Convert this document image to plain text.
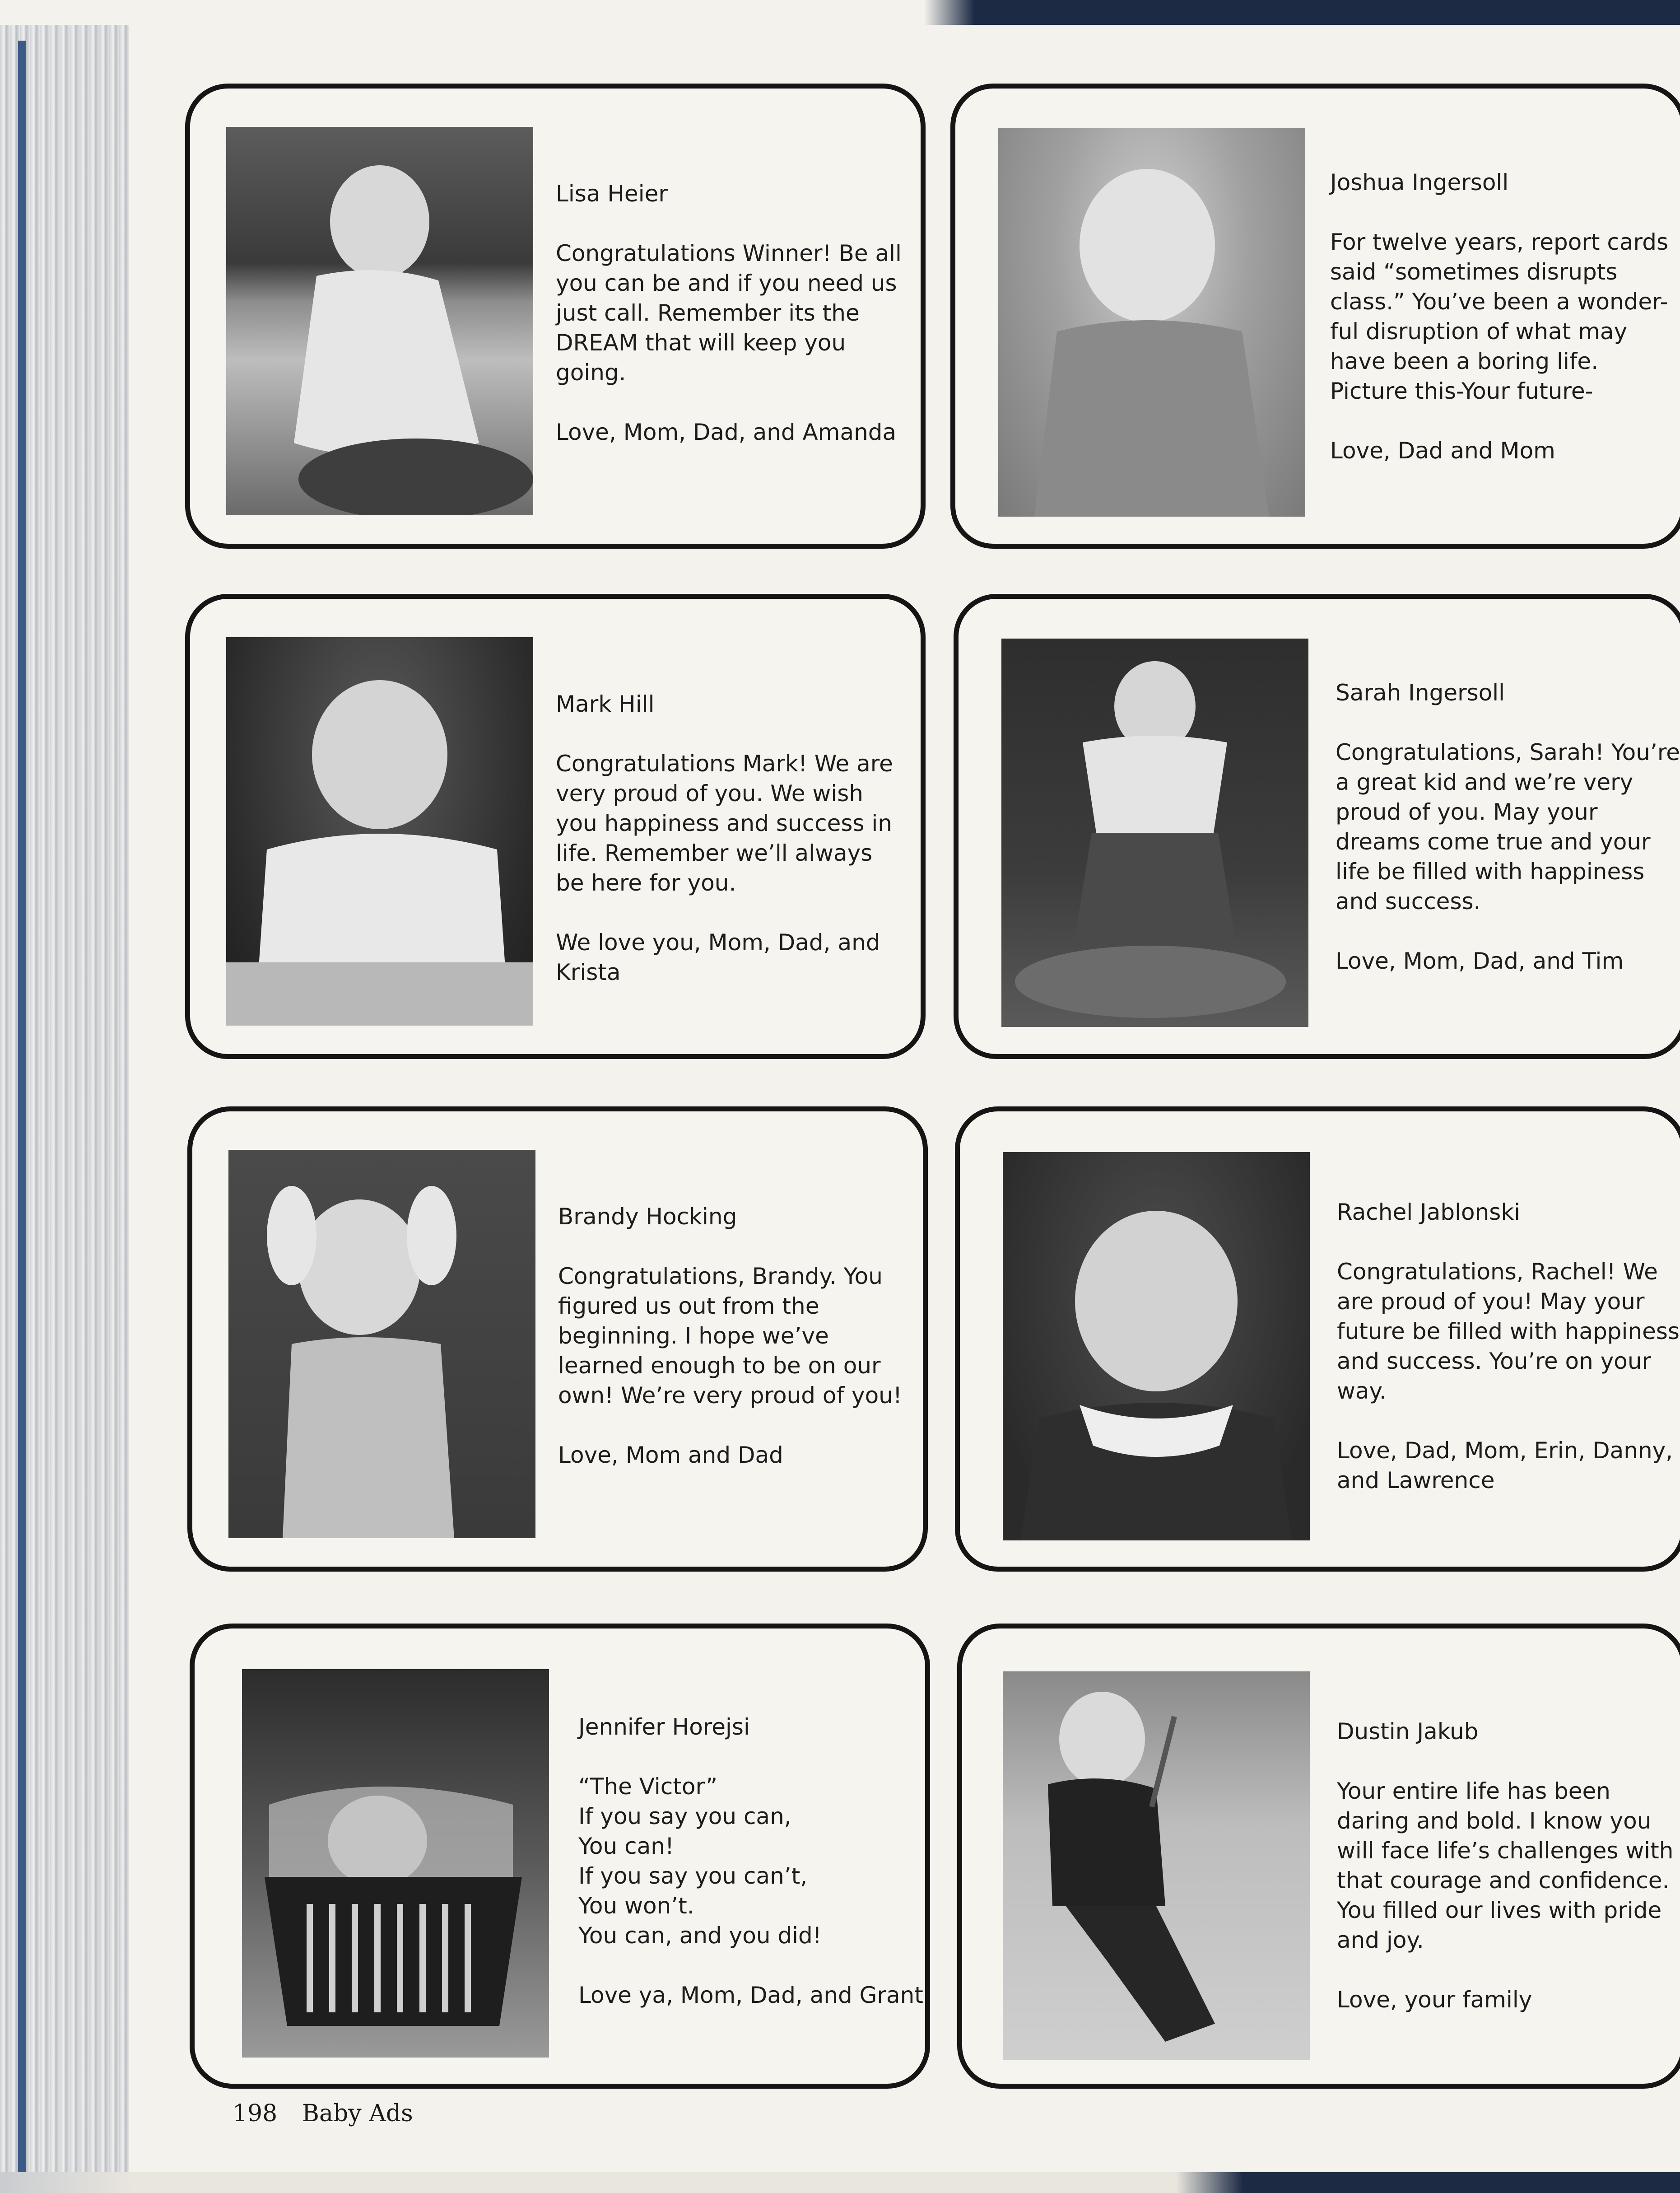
Lisa Heier
Congratulations Winner! Be all you can be and if you need us just call. Remember its the DREAM that will keep you going.
Love, Mom, Dad, and Amanda
Joshua Ingersoll
For twelve years, report cards said “sometimes disrupts class.” You’ve been a wonder-ful disruption of what may have been a boring life. Picture this-Your future-
Love, Dad and Mom
Mark Hill
Congratulations Mark! We are very proud of you. We wish you happiness and success in life. Remember we’ll always be here for you.
We love you, Mom, Dad, and Krista
Sarah Ingersoll
Congratulations, Sarah! You’re a great kid and we’re very proud of you. May your dreams come true and your life be filled with happiness and success.
Love, Mom, Dad, and Tim
Brandy Hocking
Congratulations, Brandy. You figured us out from the beginning. I hope we’ve learned enough to be on our own! We’re very proud of you!
Love, Mom and Dad
Rachel Jablonski
Congratulations, Rachel! We are proud of you! May your future be filled with happiness and success. You’re on your way.
Love, Dad, Mom, Erin, Danny, and Lawrence
Jennifer Horejsi
“The Victor”
If you say you can,
You can!
If you say you can’t,
You won’t.
You can, and you did!
Love ya, Mom, Dad, and Grant
Dustin Jakub
Your entire life has been daring and bold. I know you will face life’s challenges with that courage and confidence. You filled our lives with pride and joy.
Love, your family
198 Baby Ads
